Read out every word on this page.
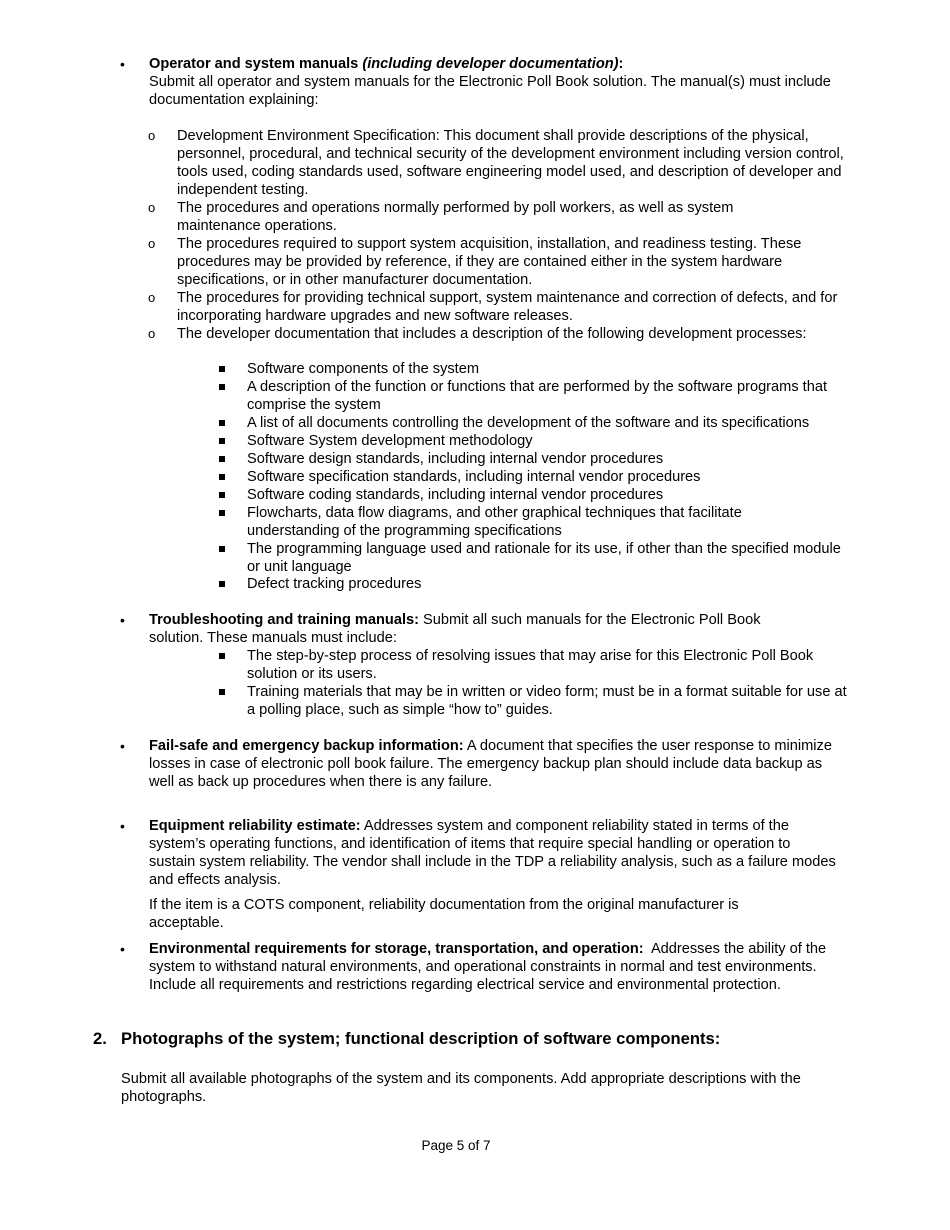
•	Operator and system manuals (including developer documentation):
Submit all operator and system manuals for the Electronic Poll Book solution. The manual(s) must include documentation explaining:
o Development Environment Specification: This document shall provide descriptions of the physical, personnel, procedural, and technical security of the development environment including version control, tools used, coding standards used, software engineering model used, and description of developer and independent testing.
o The procedures and operations normally performed by poll workers, as well as system maintenance operations.
o The procedures required to support system acquisition, installation, and readiness testing. These procedures may be provided by reference, if they are contained either in the system hardware specifications, or in other manufacturer documentation.
o The procedures for providing technical support, system maintenance and correction of defects, and for incorporating hardware upgrades and new software releases.
o The developer documentation that includes a description of the following development processes:
Software components of the system
A description of the function or functions that are performed by the software programs that comprise the system
A list of all documents controlling the development of the software and its specifications
Software System development methodology
Software design standards, including internal vendor procedures
Software specification standards, including internal vendor procedures
Software coding standards, including internal vendor procedures
Flowcharts, data flow diagrams, and other graphical techniques that facilitate understanding of the programming specifications
The programming language used and rationale for its use, if other than the specified module or unit language
Defect tracking procedures
•	Troubleshooting and training manuals: Submit all such manuals for the Electronic Poll Book solution. These manuals must include:
The step-by-step process of resolving issues that may arise for this Electronic Poll Book solution or its users.
Training materials that may be in written or video form; must be in a format suitable for use at a polling place, such as simple “how to” guides.
•	Fail-safe and emergency backup information: A document that specifies the user response to minimize losses in case of electronic poll book failure. The emergency backup plan should include data backup as well as back up procedures when there is any failure.
•	Equipment reliability estimate: Addresses system and component reliability stated in terms of the system’s operating functions, and identification of items that require special handling or operation to sustain system reliability. The vendor shall include in the TDP a reliability analysis, such as a failure modes and effects analysis.
If the item is a COTS component, reliability documentation from the original manufacturer is acceptable.
•	Environmental requirements for storage, transportation, and operation:  Addresses the ability of the system to withstand natural environments, and operational constraints in normal and test environments. Include all requirements and restrictions regarding electrical service and environmental protection.
2. Photographs of the system; functional description of software components:
Submit all available photographs of the system and its components. Add appropriate descriptions with the photographs.
Page 5 of 7
